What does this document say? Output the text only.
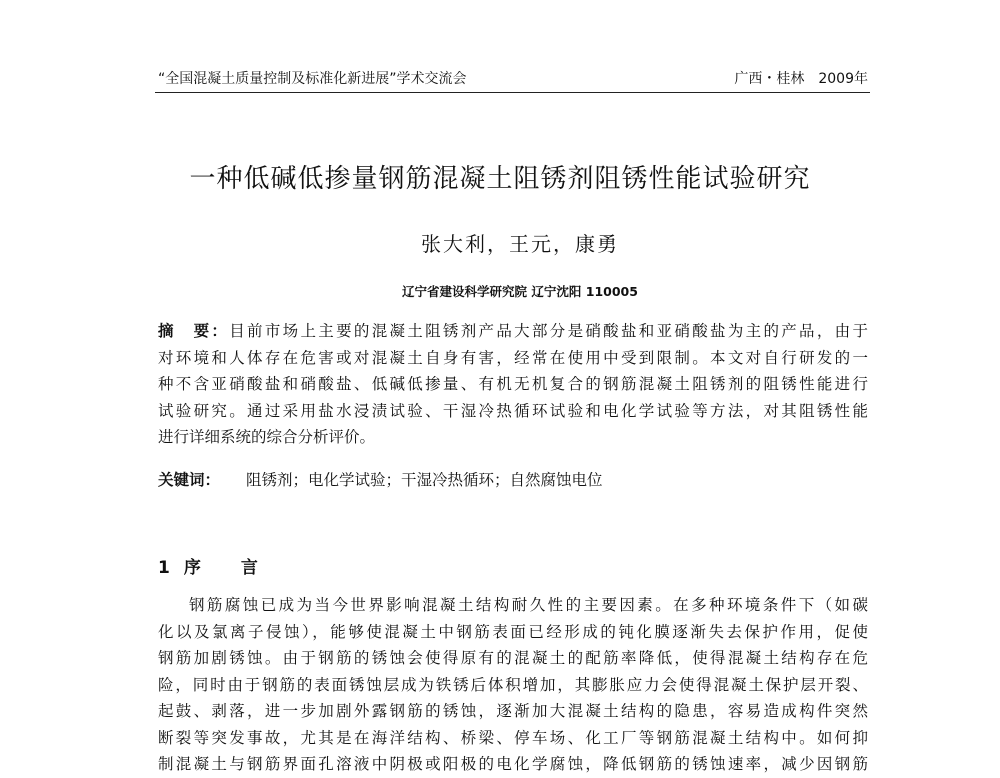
“全国混凝土质量控制及标准化新进展”学术交流会	广西・桂林　2009年
一种低碱低掺量钢筋混凝土阻锈剂阻锈性能试验研究
张大利，王元，康勇
辽宁省建设科学研究院 辽宁沈阳 110005
摘　要：目前市场上主要的混凝土阻锈剂产品大部分是硝酸盐和亚硝酸盐为主的产品，由于
对环境和人体存在危害或对混凝土自身有害，经常在使用中受到限制。本文对自行研发的一
种不含亚硝酸盐和硝酸盐、低碱低掺量、有机无机复合的钢筋混凝土阻锈剂的阻锈性能进行
试验研究。通过采用盐水浸渍试验、干湿冷热循环试验和电化学试验等方法，对其阻锈性能
进行详细系统的综合分析评价。
关键词： 阻锈剂；电化学试验；干湿冷热循环；自然腐蚀电位
1 序 言
钢筋腐蚀已成为当今世界影响混凝土结构耐久性的主要因素。在多种环境条件下（如碳
化以及氯离子侵蚀），能够使混凝土中钢筋表面已经形成的钝化膜逐渐失去保护作用，促使
钢筋加剧锈蚀。由于钢筋的锈蚀会使得原有的混凝土的配筋率降低，使得混凝土结构存在危
险，同时由于钢筋的表面锈蚀层成为铁锈后体积增加，其膨胀应力会使得混凝土保护层开裂、
起鼓、剥落，进一步加剧外露钢筋的锈蚀，逐渐加大混凝土结构的隐患，容易造成构件突然
断裂等突发事故，尤其是在海洋结构、桥梁、停车场、化工厂等钢筋混凝土结构中。如何抑
制混凝土与钢筋界面孔溶液中阴极或阳极的电化学腐蚀，降低钢筋的锈蚀速率，减少因钢筋
